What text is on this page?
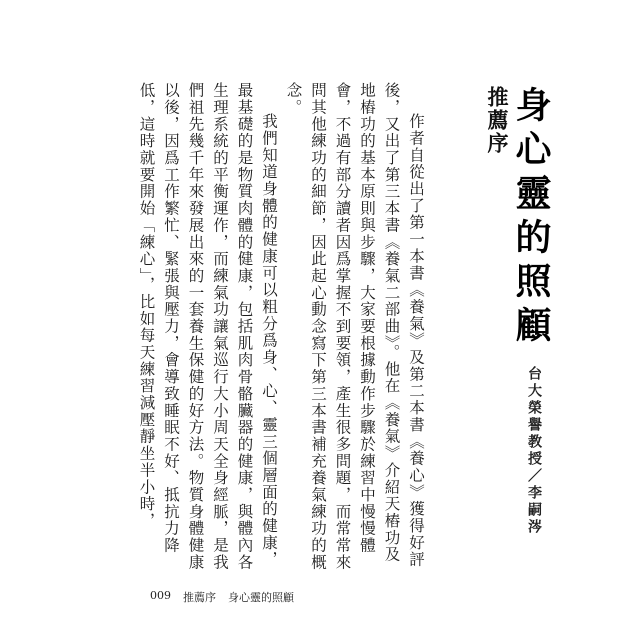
推薦序 身心靈的照顧
台大榮譽教授／李嗣涔

作者自從出了第一本書《養氣》及第二本書《養心》獲得好評後，又出了第三本書《養氣二部曲》。他在《養氣》介紹天樁功及地樁功的基本原則與步驟，大家要根據動作步驟於練習中慢慢體會，不過有部分讀者因爲掌握不到要領，產生很多問題，而常常來問其他練功的細節，因此起心動念寫下第三本書補充養氣練功的概念。

我們知道身體的健康可以粗分爲身、心、靈三個層面的健康，最基礎的是物質肉體的健康，包括肌肉骨骼臟器的健康，與體內各生理系統的平衡運作，而練氣功讓氣巡行大小周天全身經脈，是我們祖先幾千年來發展出來的一套養生保健的好方法。物質身體健康以後，因爲工作繁忙、緊張與壓力，會導致睡眠不好、抵抗力降低，這時就要開始「練心」，比如每天練習減壓靜坐半小時，

009 推薦序 身心靈的照顧
